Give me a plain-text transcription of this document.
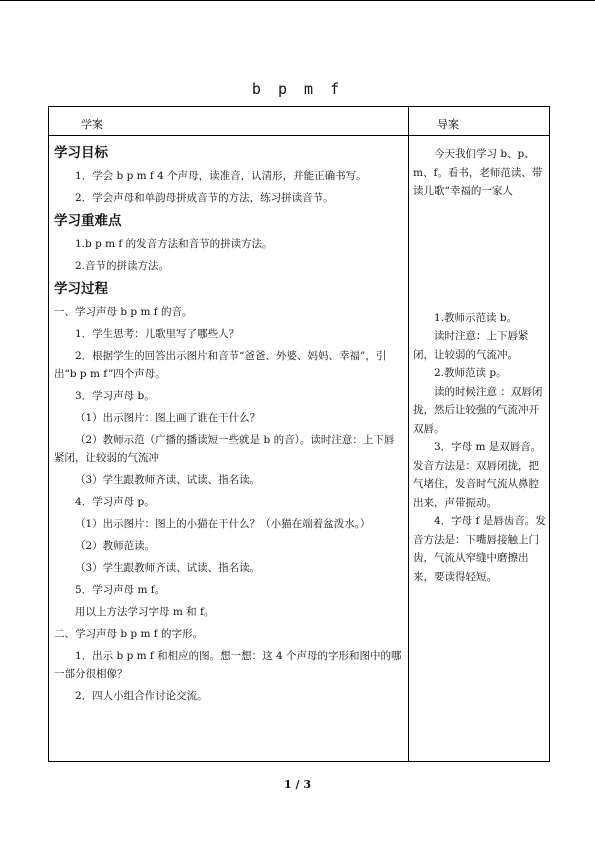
b p m f
学案	导案
学习目标
1．学会 b p m f 4 个声母，读准音，认清形，并能正确书写。
2．学会声母和单韵母拼成音节的方法，练习拼读音节。
学习重难点
1.b p m f 的发音方法和音节的拼读方法。
2.音节的拼读方法。
学习过程
一、学习声母 b p m f 的音。
1．学生思考：儿歌里写了哪些人？
2．根据学生的回答出示图片和音节“爸爸、外婆、妈妈、幸福”，引出“b p m f”四个声母。
3．学习声母 b。
（1）出示图片：图上画了谁在干什么？
（2）教师示范（广播的播读短一些就是 b 的音）。读时注意：上下唇紧闭，让较弱的气流冲
（3）学生跟教师齐读、试读、指名读。
4．学习声母 p。
（1）出示图片：图上的小猫在干什么？（小猫在端着盆泼水。）
（2）教师范读。
（3）学生跟教师齐读、试读、指名读。
5．学习声母 m f。
用以上方法学习字母 m 和 f。
二、学习声母 b p m f 的字形。
1．出示 b p m f 和相应的图。想一想：这 4 个声母的字形和图中的哪一部分很相像？
2．四人小组合作讨论交流。
今天我们学习 b、p、m、f。看书，老师范读、带读儿歌“幸福的一家人
1.教师示范读 b。
读时注意：上下唇紧闭，让较弱的气流冲。
2.教师范读 p。
读的时候注意 ：双唇闭拢，然后让较强的气流冲开双唇。
3．字母 m 是双唇音。发音方法是：双唇闭拢，把气堵住，发音时气流从鼻腔出来，声带振动。
4．字母 f 是唇齿音。发音方法是：下嘴唇接触上门齿，气流从窄缝中磨擦出来，要读得轻短。
1 / 3
